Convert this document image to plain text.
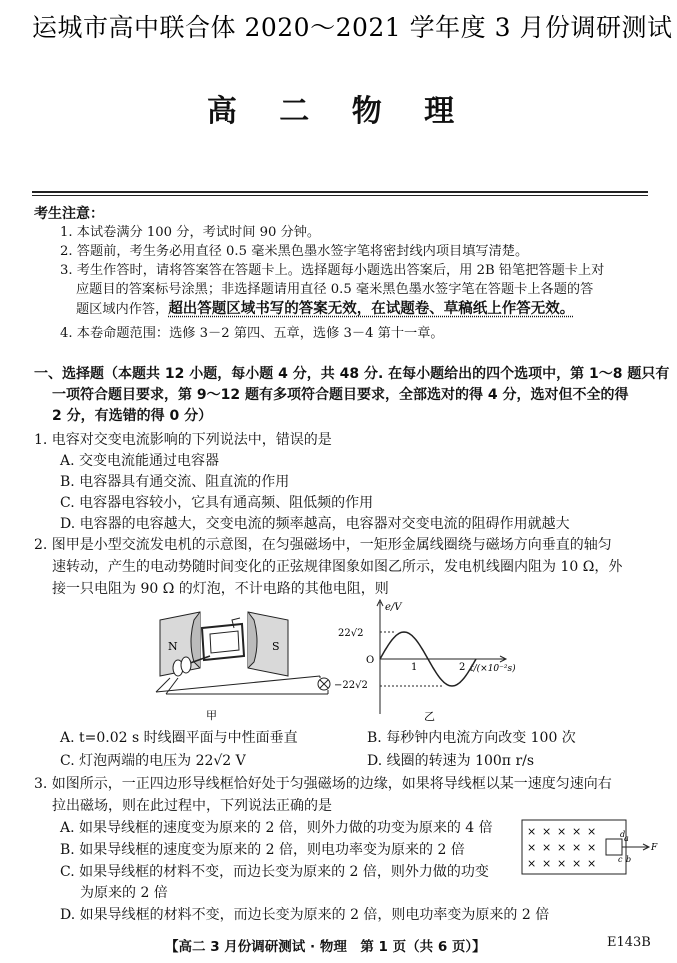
运城市高中联合体 2020～2021 学年度 3 月份调研测试
高 二 物 理
考生注意：
1. 本试卷满分 100 分，考试时间 90 分钟。
2. 答题前，考生务必用直径 0.5 毫米黑色墨水签字笔将密封线内项目填写清楚。
3. 考生作答时，请将答案答在答题卡上。选择题每小题选出答案后，用 2B 铅笔把答题卡上对
应题目的答案标号涂黑；非选择题请用直径 0.5 毫米黑色墨水签字笔在答题卡上各题的答
题区域内作答，超出答题区域书写的答案无效，在试题卷、草稿纸上作答无效。
4. 本卷命题范围：选修 3－2 第四、五章，选修 3－4 第十一章。
一、选择题（本题共 12 小题，每小题 4 分，共 48 分. 在每小题给出的四个选项中，第 1～8 题只有
一项符合题目要求，第 9～12 题有多项符合题目要求，全部选对的得 4 分，选对但不全的得
2 分，有选错的得 0 分）
1. 电容对交变电流影响的下列说法中，错误的是
A. 交变电流能通过电容器
B. 电容器具有通交流、阻直流的作用
C. 电容器电容较小，它具有通高频、阻低频的作用
D. 电容器的电容越大，交变电流的频率越高，电容器对交变电流的阻碍作用就越大
2. 图甲是小型交流发电机的示意图，在匀强磁场中，一矩形金属线圈绕与磁场方向垂直的轴匀
速转动，产生的电动势随时间变化的正弦规律图象如图乙所示，发电机线圈内阻为 10 Ω，外
接一只电阻为 90 Ω 的灯泡，不计电路的其他电阻，则
N	S
甲
e/V
t/(×10⁻²s)
22√2
−22√2
O
1	2
乙
A. t=0.02 s 时线圈平面与中性面垂直	B. 每秒钟内电流方向改变 100 次
C. 灯泡两端的电压为 22√2 V	D. 线圈的转速为 100π r/s
3. 如图所示，一正四边形导线框恰好处于匀强磁场的边缘，如果将导线框以某一速度匀速向右
拉出磁场，则在此过程中，下列说法正确的是
A. 如果导线框的速度变为原来的 2 倍，则外力做的功变为原来的 4 倍
B. 如果导线框的速度变为原来的 2 倍，则电功率变为原来的 2 倍
C. 如果导线框的材料不变，而边长变为原来的 2 倍，则外力做的功变
为原来的 2 倍
D. 如果导线框的材料不变，而边长变为原来的 2 倍，则电功率变为原来的 2 倍
× × × × ×
× × × × ×
× × × × ×
d
a
c b
F
【高二 3 月份调研测试 · 物理　第 1 页（共 6 页）】	E143B
